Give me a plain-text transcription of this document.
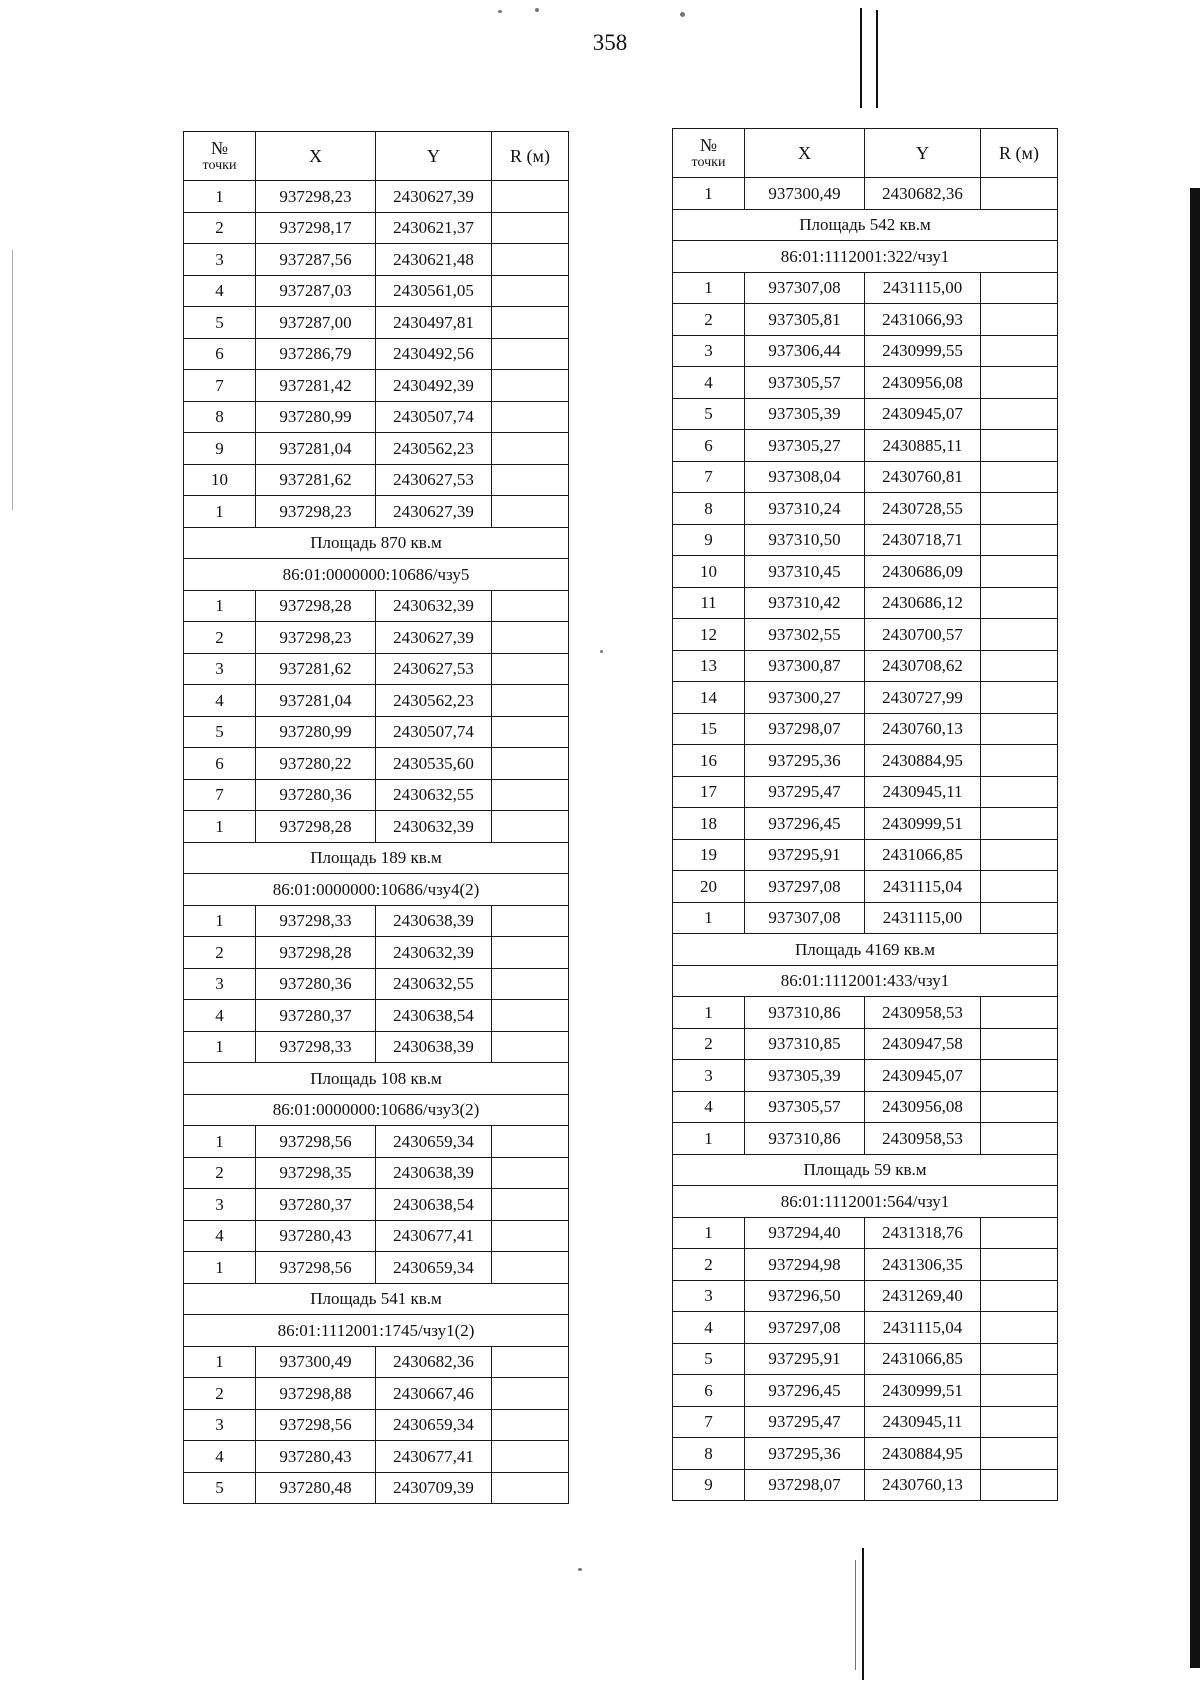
358
№
точки	X	Y	R (м)
1	937298,23	2430627,39	
2	937298,17	2430621,37	
3	937287,56	2430621,48	
4	937287,03	2430561,05	
5	937287,00	2430497,81	
6	937286,79	2430492,56	
7	937281,42	2430492,39	
8	937280,99	2430507,74	
9	937281,04	2430562,23	
10	937281,62	2430627,53	
1	937298,23	2430627,39	
Площадь 870 кв.м			
86:01:0000000:10686/чзу5			
1	937298,28	2430632,39	
2	937298,23	2430627,39	
3	937281,62	2430627,53	
4	937281,04	2430562,23	
5	937280,99	2430507,74	
6	937280,22	2430535,60	
7	937280,36	2430632,55	
1	937298,28	2430632,39	
Площадь 189 кв.м			
86:01:0000000:10686/чзу4(2)			
1	937298,33	2430638,39	
2	937298,28	2430632,39	
3	937280,36	2430632,55	
4	937280,37	2430638,54	
1	937298,33	2430638,39	
Площадь 108 кв.м			
86:01:0000000:10686/чзу3(2)			
1	937298,56	2430659,34	
2	937298,35	2430638,39	
3	937280,37	2430638,54	
4	937280,43	2430677,41	
1	937298,56	2430659,34	
Площадь 541 кв.м			
86:01:1112001:1745/чзу1(2)			
1	937300,49	2430682,36	
2	937298,88	2430667,46	
3	937298,56	2430659,34	
4	937280,43	2430677,41	
5	937280,48	2430709,39	
№
точки	X	Y	R (м)
1	937300,49	2430682,36	
Площадь 542 кв.м			
86:01:1112001:322/чзу1			
1	937307,08	2431115,00	
2	937305,81	2431066,93	
3	937306,44	2430999,55	
4	937305,57	2430956,08	
5	937305,39	2430945,07	
6	937305,27	2430885,11	
7	937308,04	2430760,81	
8	937310,24	2430728,55	
9	937310,50	2430718,71	
10	937310,45	2430686,09	
11	937310,42	2430686,12	
12	937302,55	2430700,57	
13	937300,87	2430708,62	
14	937300,27	2430727,99	
15	937298,07	2430760,13	
16	937295,36	2430884,95	
17	937295,47	2430945,11	
18	937296,45	2430999,51	
19	937295,91	2431066,85	
20	937297,08	2431115,04	
1	937307,08	2431115,00	
Площадь 4169 кв.м			
86:01:1112001:433/чзу1			
1	937310,86	2430958,53	
2	937310,85	2430947,58	
3	937305,39	2430945,07	
4	937305,57	2430956,08	
1	937310,86	2430958,53	
Площадь 59 кв.м			
86:01:1112001:564/чзу1			
1	937294,40	2431318,76	
2	937294,98	2431306,35	
3	937296,50	2431269,40	
4	937297,08	2431115,04	
5	937295,91	2431066,85	
6	937296,45	2430999,51	
7	937295,47	2430945,11	
8	937295,36	2430884,95	
9	937298,07	2430760,13	
